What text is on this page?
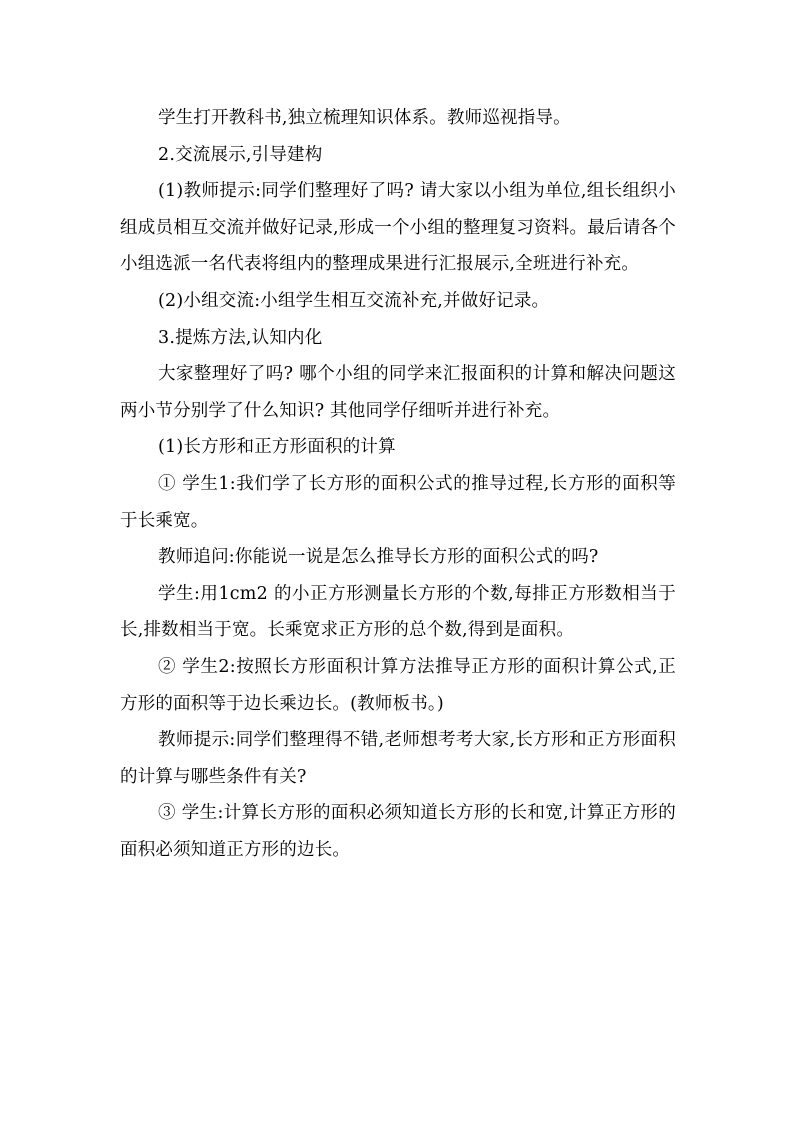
学生打开教科书,独立梳理知识体系。教师巡视指导。

2.交流展示,引导建构

(1)教师提示:同学们整理好了吗? 请大家以小组为单位,组长组织小组成员相互交流并做好记录,形成一个小组的整理复习资料。最后请各个小组选派一名代表将组内的整理成果进行汇报展示,全班进行补充。

(2)小组交流:小组学生相互交流补充,并做好记录。

3.提炼方法,认知内化

大家整理好了吗? 哪个小组的同学来汇报面积的计算和解决问题这两小节分别学了什么知识? 其他同学仔细听并进行补充。

(1)长方形和正方形面积的计算

① 学生1:我们学了长方形的面积公式的推导过程,长方形的面积等于长乘宽。

教师追问:你能说一说是怎么推导长方形的面积公式的吗?

学生:用1cm2 的小正方形测量长方形的个数,每排正方形数相当于长,排数相当于宽。长乘宽求正方形的总个数,得到是面积。

② 学生2:按照长方形面积计算方法推导正方形的面积计算公式,正方形的面积等于边长乘边长。(教师板书。)

教师提示:同学们整理得不错,老师想考考大家,长方形和正方形面积的计算与哪些条件有关?

③ 学生:计算长方形的面积必须知道长方形的长和宽,计算正方形的面积必须知道正方形的边长。
